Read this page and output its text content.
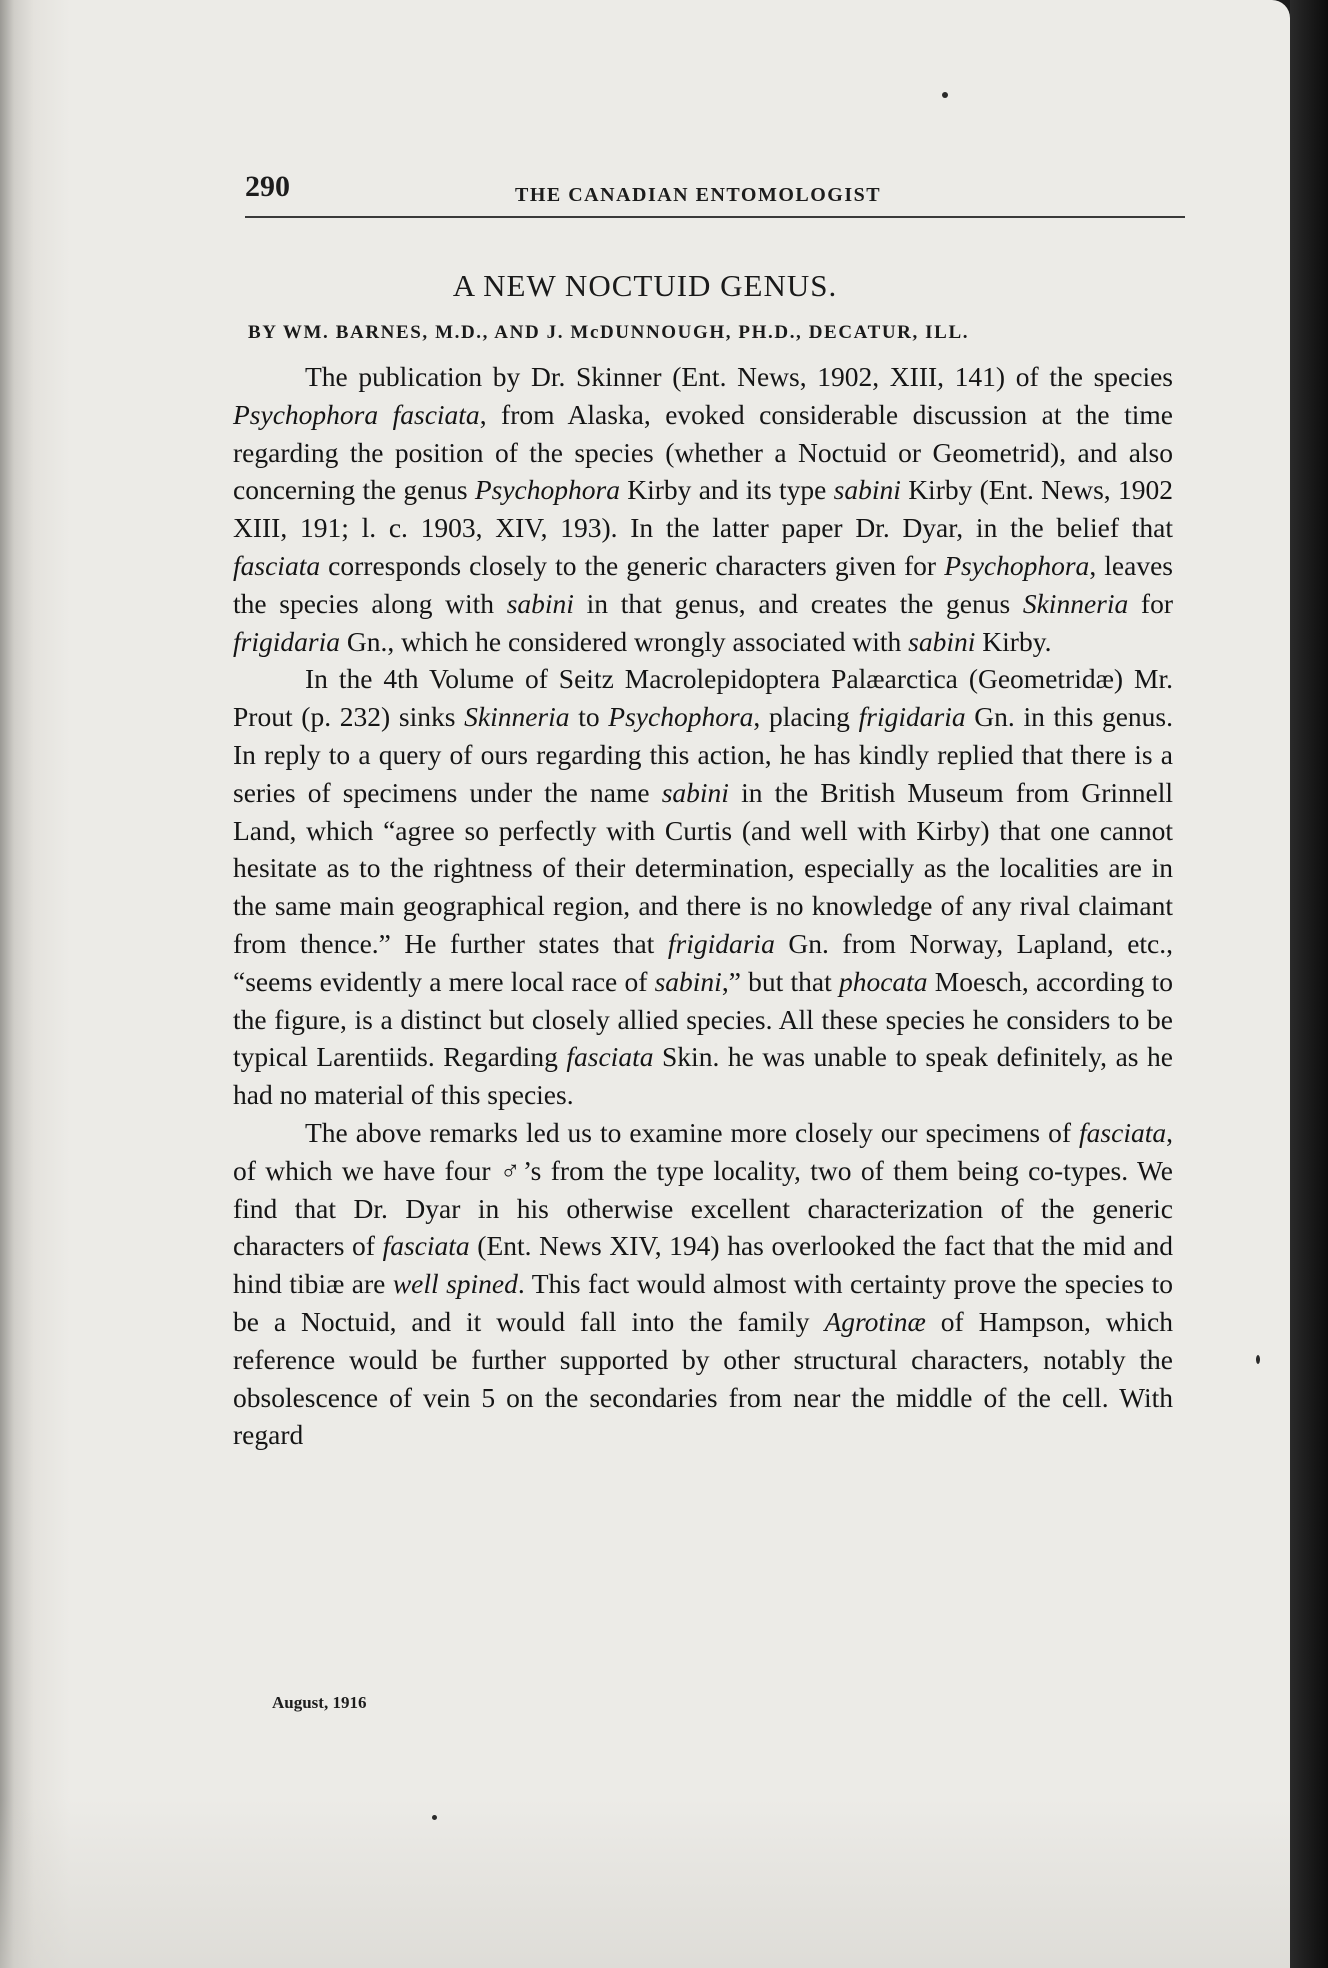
290	THE CANADIAN ENTOMOLOGIST
A NEW NOCTUID GENUS.
BY WM. BARNES, M.D., AND J. McDUNNOUGH, PH.D., DECATUR, ILL.

The publication by Dr. Skinner (Ent. News, 1902, XIII, 141) of the species Psychophora fasciata, from Alaska, evoked considerable discussion at the time regarding the position of the species (whether a Noctuid or Geometrid), and also concerning the genus Psychophora Kirby and its type sabini Kirby (Ent. News, 1902 XIII, 191; l. c. 1903, XIV, 193). In the latter paper Dr. Dyar, in the belief that fasciata corresponds closely to the generic characters given for Psychophora, leaves the species along with sabini in that genus, and creates the genus Skinneria for frigidaria Gn., which he considered wrongly associated with sabini Kirby.

In the 4th Volume of Seitz Macrolepidoptera Palæarctica (Geometridæ) Mr. Prout (p. 232) sinks Skinneria to Psychophora, placing frigidaria Gn. in this genus. In reply to a query of ours regarding this action, he has kindly replied that there is a series of specimens under the name sabini in the British Museum from Grinnell Land, which “agree so perfectly with Curtis (and well with Kirby) that one cannot hesitate as to the rightness of their determination, especially as the localities are in the same main geographical region, and there is no knowledge of any rival claimant from thence.” He further states that frigidaria Gn. from Norway, Lapland, etc., “seems evidently a mere local race of sabini,” but that phocata Moesch, according to the figure, is a distinct but closely allied species. All these species he considers to be typical Larentiids. Regarding fasciata Skin. he was unable to speak definitely, as he had no material of this species.

The above remarks led us to examine more closely our specimens of fasciata, of which we have four ♂’s from the type locality, two of them being co-types. We find that Dr. Dyar in his otherwise excellent characterization of the generic characters of fasciata (Ent. News XIV, 194) has overlooked the fact that the mid and hind tibiæ are well spined. This fact would almost with certainty prove the species to be a Noctuid, and it would fall into the family Agrotinæ of Hampson, which reference would be further supported by other structural characters, notably the obsolescence of vein 5 on the secondaries from near the middle of the cell. With regard

August, 1916
